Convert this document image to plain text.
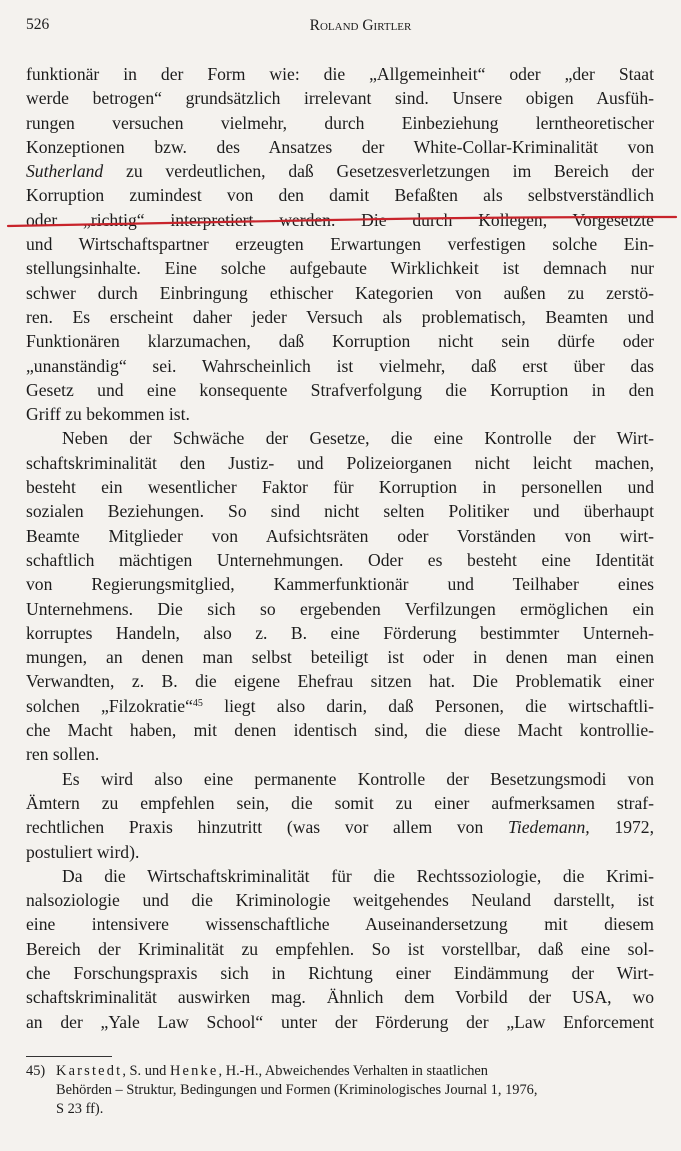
526	Roland Girtler

funktionär in der Form wie: die „Allgemeinheit“ oder „der Staat
werde betrogen“ grundsätzlich irrelevant sind. Unsere obigen Ausfüh-
rungen versuchen vielmehr, durch Einbeziehung lerntheoretischer
Konzeptionen bzw. des Ansatzes der White-Collar-Kriminalität von
Sutherland zu verdeutlichen, daß Gesetzesverletzungen im Bereich der
Korruption zumindest von den damit Befaßten als selbstverständlich
oder „richtig“ interpretiert werden. Die durch Kollegen, Vorgesetzte
und Wirtschaftspartner erzeugten Erwartungen verfestigen solche Ein-
stellungsinhalte. Eine solche aufgebaute Wirklichkeit ist demnach nur
schwer durch Einbringung ethischer Kategorien von außen zu zerstö-
ren. Es erscheint daher jeder Versuch als problematisch, Beamten und
Funktionären klarzumachen, daß Korruption nicht sein dürfe oder
„unanständig“ sei. Wahrscheinlich ist vielmehr, daß erst über das
Gesetz und eine konsequente Strafverfolgung die Korruption in den
Griff zu bekommen ist.

Neben der Schwäche der Gesetze, die eine Kontrolle der Wirt-
schaftskriminalität den Justiz- und Polizeiorganen nicht leicht machen,
besteht ein wesentlicher Faktor für Korruption in personellen und
sozialen Beziehungen. So sind nicht selten Politiker und überhaupt
Beamte Mitglieder von Aufsichtsräten oder Vorständen von wirt-
schaftlich mächtigen Unternehmungen. Oder es besteht eine Identität
von Regierungsmitglied, Kammerfunktionär und Teilhaber eines
Unternehmens. Die sich so ergebenden Verfilzungen ermöglichen ein
korruptes Handeln, also z. B. eine Förderung bestimmter Unterneh-
mungen, an denen man selbst beteiligt ist oder in denen man einen
Verwandten, z. B. die eigene Ehefrau sitzen hat. Die Problematik einer
solchen „Filzokratie“$^{45}$ liegt also darin, daß Personen, die wirtschaftli-
che Macht haben, mit denen identisch sind, die diese Macht kontrollie-
ren sollen.

Es wird also eine permanente Kontrolle der Besetzungsmodi von
Ämtern zu empfehlen sein, die somit zu einer aufmerksamen straf-
rechtlichen Praxis hinzutritt (was vor allem von Tiedemann, 1972,
postuliert wird).

Da die Wirtschaftskriminalität für die Rechtssoziologie, die Krimi-
nalsoziologie und die Kriminologie weitgehendes Neuland darstellt, ist
eine intensivere wissenschaftliche Auseinandersetzung mit diesem
Bereich der Kriminalität zu empfehlen. So ist vorstellbar, daß eine sol-
che Forschungspraxis sich in Richtung einer Eindämmung der Wirt-
schaftskriminalität auswirken mag. Ähnlich dem Vorbild der USA, wo
an der „Yale Law School“ unter der Förderung der „Law Enforcement

45) Karstedt, S. und Henke, H.-H., Abweichendes Verhalten in staatlichen
Behörden – Struktur, Bedingungen und Formen (Kriminologisches Journal 1, 1976,
S 23 ff).
